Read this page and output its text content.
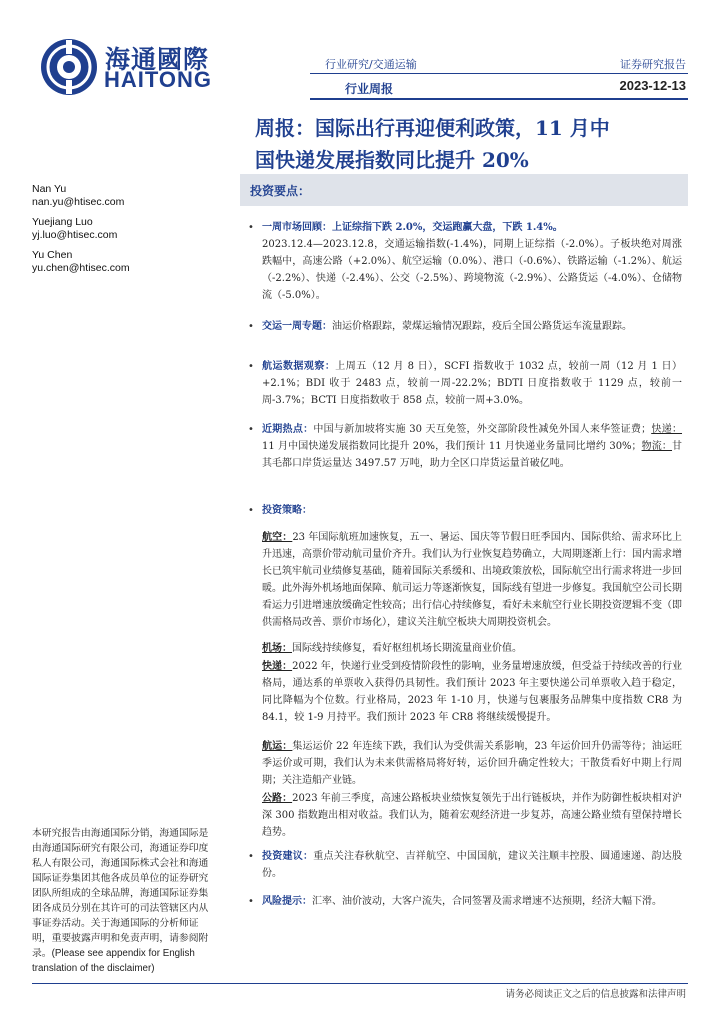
海通國際
HAITONG
行业研究/交通运输	证券研究报告
行业周报	2023-12-13
周报：国际出行再迎便利政策，11 月中
国快递发展指数同比提升 20%
Nan Yu
nan.yu@htisec.com
Yuejiang Luo
yj.luo@htisec.com
Yu Chen
yu.chen@htisec.com
投资要点：
• 一周市场回顾：上证综指下跌 2.0%，交运跑赢大盘，下跌 1.4%。
2023.12.4—2023.12.8，交通运输指数(-1.4%)，同期上证综指（-2.0%）。子板块绝对周涨跌幅中，高速公路（+2.0%）、航空运输（0.0%）、港口（-0.6%）、铁路运输（-1.2%）、航运（-2.2%）、快递（-2.4%）、公交（-2.5%）、跨境物流（-2.9%）、公路货运（-4.0%）、仓储物流（-5.0%）。
• 交运一周专题：油运价格跟踪，蒙煤运输情况跟踪，疫后全国公路货运车流量跟踪。
• 航运数据观察：上周五（12 月 8 日），SCFI 指数收于 1032 点，较前一周（12 月 1 日）+2.1%；BDI 收于 2483 点，较前一周-22.2%；BDTI 日度指数收于 1129 点，较前一周-3.7%；BCTI 日度指数收于 858 点，较前一周+3.0%。
• 近期热点：中国与新加坡将实施 30 天互免签，外交部阶段性减免外国人来华签证费；快递：11 月中国快递发展指数同比提升 20%，我们预计 11 月快递业务量同比增约 30%；物流：甘其毛都口岸货运量达 3497.57 万吨，助力全区口岸货运量首破亿吨。
• 投资策略：
航空：23 年国际航班加速恢复，五一、暑运、国庆等节假日旺季国内、国际供给、需求环比上升迅速，高票价带动航司量价齐升。我们认为行业恢复趋势确立，大周期逐渐上行：国内需求增长已筑牢航司业绩修复基础，随着国际关系缓和、出境政策放松，国际航空出行需求将进一步回暖。此外海外机场地面保障、航司运力等逐渐恢复，国际线有望进一步修复。我国航空公司长期看运力引进增速放缓确定性较高；出行信心持续修复，看好未来航空行业长期投资逻辑不变（即供需格局改善、票价市场化），建议关注航空板块大周期投资机会。
机场：国际线持续修复，看好枢纽机场长期流量商业价值。
快递：2022 年，快递行业受到疫情阶段性的影响，业务量增速放缓，但受益于持续改善的行业格局，通达系的单票收入获得仍具韧性。我们预计 2023 年主要快递公司单票收入趋于稳定，同比降幅为个位数。行业格局，2023 年 1-10 月，快递与包裹服务品牌集中度指数 CR8 为 84.1，较 1-9 月持平。我们预计 2023 年 CR8 将继续缓慢提升。
航运：集运运价 22 年连续下跌，我们认为受供需关系影响，23 年运价回升仍需等待；油运旺季运价或可期，我们认为未来供需格局将好转，运价回升确定性较大；干散货看好中期上行周期；关注造船产业链。
公路：2023 年前三季度，高速公路板块业绩恢复领先于出行链板块，并作为防御性板块相对沪深 300 指数跑出相对收益。我们认为，随着宏观经济进一步复苏，高速公路业绩有望保持增长趋势。
• 投资建议：重点关注春秋航空、吉祥航空、中国国航，建议关注顺丰控股、圆通速递、韵达股份。
• 风险提示：汇率、油价波动，大客户流失，合同签署及需求增速不达预期，经济大幅下滑。
本研究报告由海通国际分销，海通国际是由海通国际研究有限公司，海通证券印度私人有限公司，海通国际株式会社和海通国际证券集团其他各成员单位的证券研究团队所组成的全球品牌，海通国际证券集团各成员分别在其许可的司法管辖区内从事证券活动。关于海通国际的分析师证明，重要披露声明和免责声明，请参阅附录。(Please see appendix for English translation of the disclaimer)
请务必阅读正文之后的信息披露和法律声明
